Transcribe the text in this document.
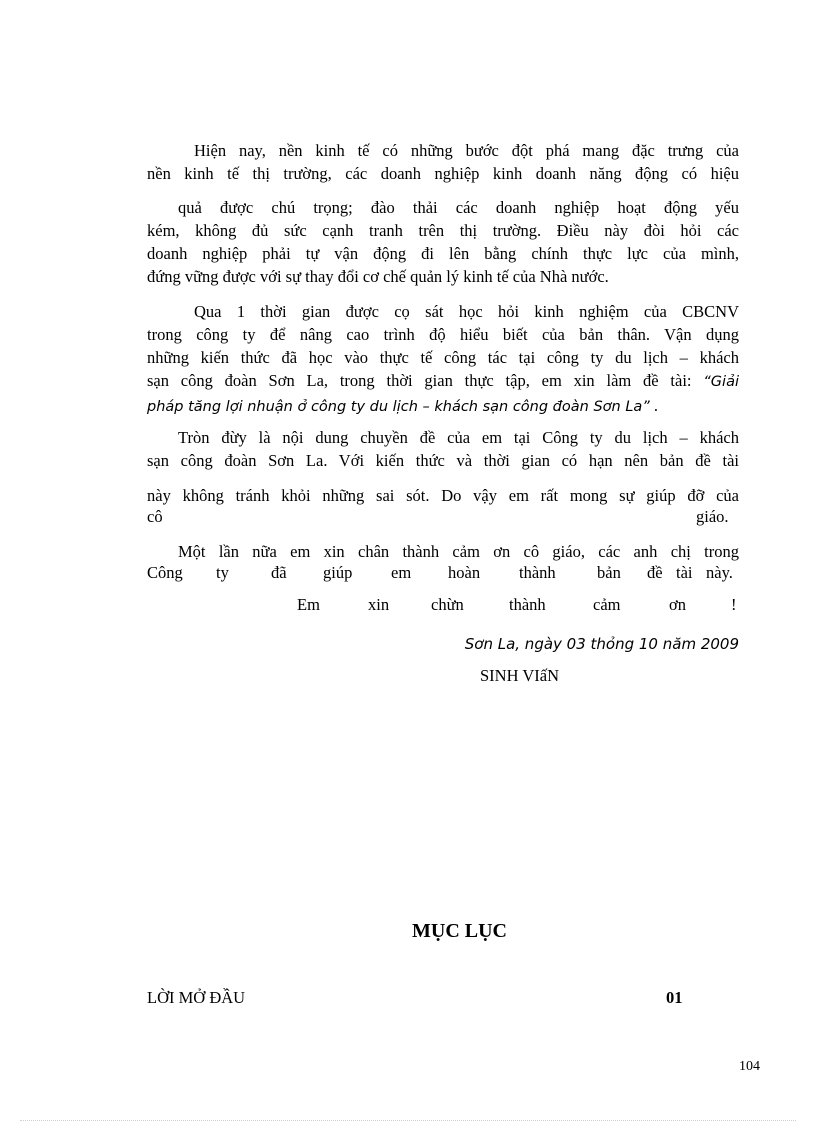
Hiện nay, nền kinh tế có những bước đột phá mang đặc trưng của
nền kinh tế thị trường, các doanh nghiệp kinh doanh năng động có hiệu
quả được chú trọng; đào thải các doanh nghiệp hoạt động yếu
kém, không đủ sức cạnh tranh trên thị trường. Điều này đòi hỏi các
doanh nghiệp phải tự vận động đi lên bằng chính thực lực của mình,
đứng vững được với sự thay đổi cơ chế quản lý kinh tế của Nhà nước.
Qua 1 thời gian được cọ sát học hỏi kinh nghiệm của CBCNV
trong công ty để nâng cao trình độ hiểu biết của bản thân. Vận dụng
những kiến thức đã học vào thực tế công tác tại công ty du lịch – khách
sạn công đoàn Sơn La, trong thời gian thực tập, em xin làm đề tài: “Giải
pháp tăng lợi nhuận ở công ty du lịch – khách sạn công đoàn Sơn La” .
Tròn đừy là nội dung chuyền đề của em tại Công ty du lịch – khách
sạn công đoàn Sơn La. Với kiến thức và thời gian có hạn nên bản đề tài
này không tránh khỏi những sai sót. Do vậy em rất mong sự giúp đỡ của
cô	giáo.
Một lần nữa em xin chân thành cảm ơn cô giáo, các anh chị trong
Công ty	đã giúp em hoàn thành	bản đề tài này.
Em	xin	chừn	thành	cảm	ơn	!
Sơn La, ngày 03 thỏng 10 năm 2009
SINH VIấN
MỤC LỤC
LỜI MỞ ĐẦU	01
104
